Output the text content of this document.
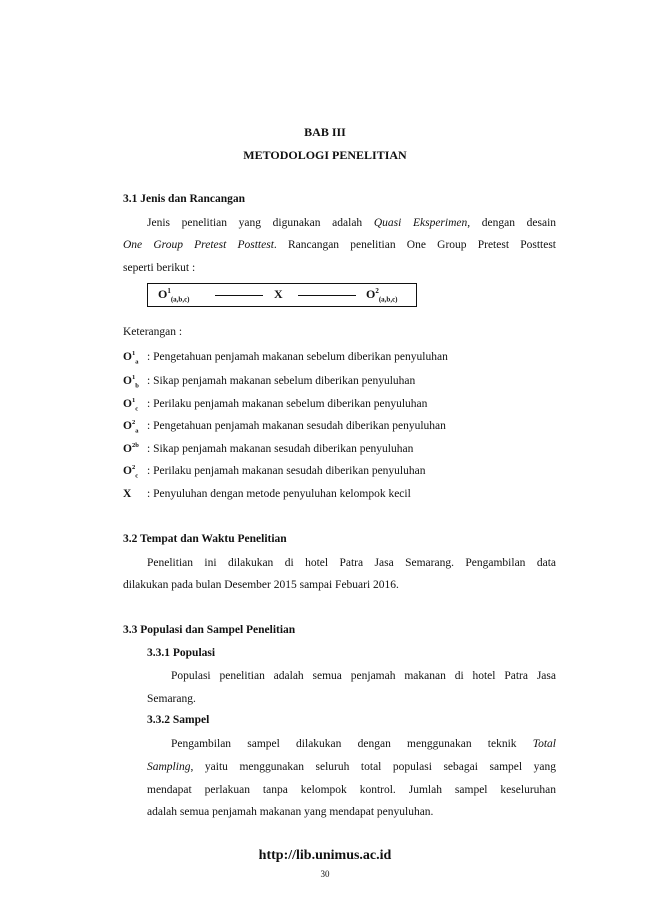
BAB III
METODOLOGI PENELITIAN
3.1 Jenis dan Rancangan
Jenis penelitian yang digunakan adalah Quasi Eksperimen, dengan desain
One Group Pretest Posttest. Rancangan penelitian One Group Pretest Posttest
seperti berikut :
$O^1_{(a,b,c)}$	X	$O^2_{(a,b,c)}$
Keterangan :
$O^1_a$ : Pengetahuan penjamah makanan sebelum diberikan penyuluhan
$O^1_b$ : Sikap penjamah makanan sebelum diberikan penyuluhan
$O^1_c$ : Perilaku penjamah makanan sebelum diberikan penyuluhan
$O^2_a$ : Pengetahuan penjamah makanan sesudah diberikan penyuluhan
$O^{2b}$ : Sikap penjamah makanan sesudah diberikan penyuluhan
$O^2_c$ : Perilaku penjamah makanan sesudah diberikan penyuluhan
X : Penyuluhan dengan metode penyuluhan kelompok kecil
3.2 Tempat dan Waktu Penelitian
Penelitian ini dilakukan di hotel Patra Jasa Semarang. Pengambilan data
dilakukan pada bulan Desember 2015 sampai Febuari 2016.
3.3 Populasi dan Sampel Penelitian
3.3.1 Populasi
Populasi penelitian adalah semua penjamah makanan di hotel Patra Jasa
Semarang.
3.3.2 Sampel
Pengambilan sampel dilakukan dengan menggunakan teknik Total
Sampling, yaitu menggunakan seluruh total populasi sebagai sampel yang
mendapat perlakuan tanpa kelompok kontrol. Jumlah sampel keseluruhan
adalah semua penjamah makanan yang mendapat penyuluhan.
http://lib.unimus.ac.id
30
